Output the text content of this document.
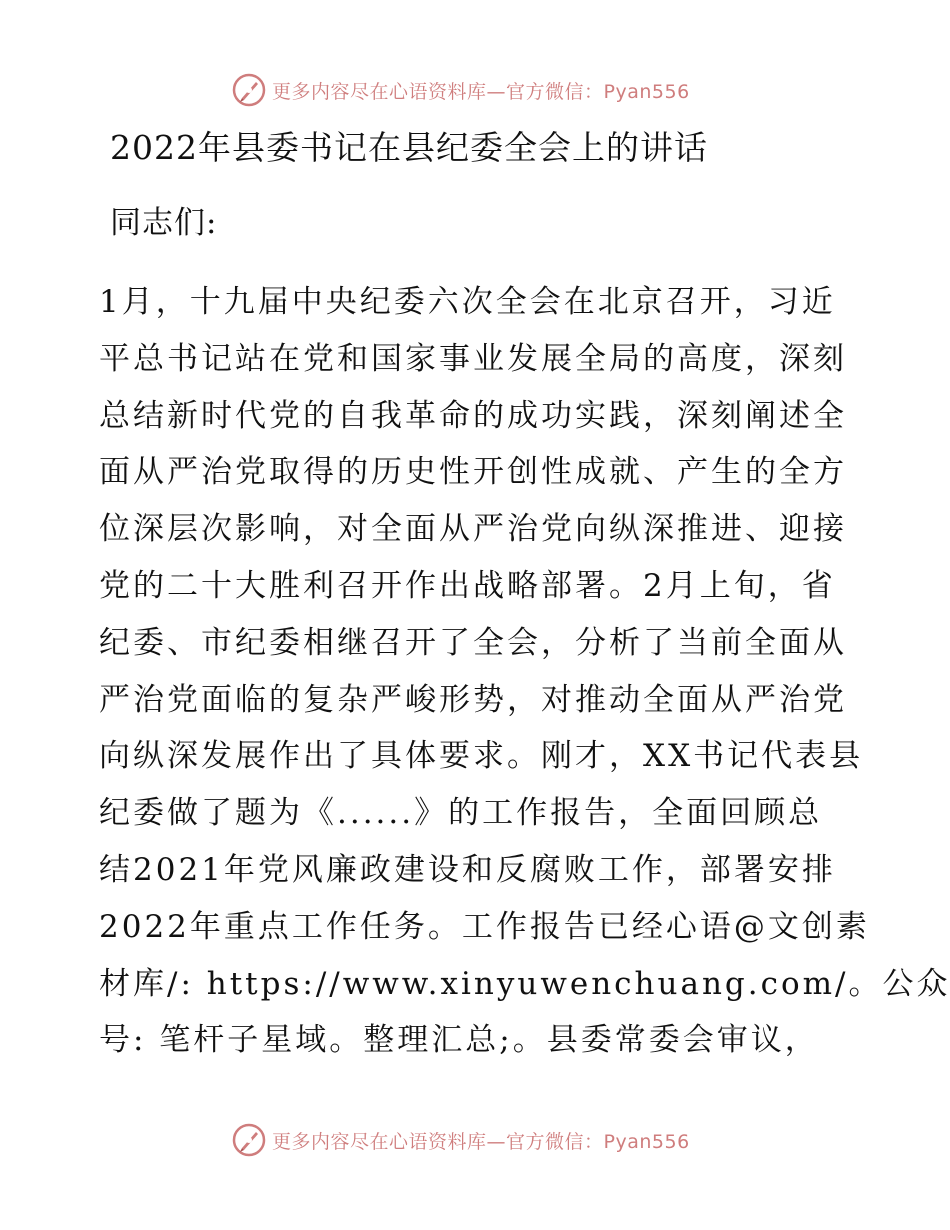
更多内容尽在心语资料库—官方微信：Pyan556
2022年县委书记在县纪委全会上的讲话
同志们:
1月，十九届中央纪委六次全会在北京召开，习近
平总书记站在党和国家事业发展全局的高度，深刻
总结新时代党的自我革命的成功实践，深刻阐述全
面从严治党取得的历史性开创性成就、产生的全方
位深层次影响，对全面从严治党向纵深推进、迎接
党的二十大胜利召开作出战略部署。2月上旬，省
纪委、市纪委相继召开了全会，分析了当前全面从
严治党面临的复杂严峻形势，对推动全面从严治党
向纵深发展作出了具体要求。刚才，XX书记代表县
纪委做了题为《......》的工作报告，全面回顾总
结2021年党风廉政建设和反腐败工作，部署安排
2022年重点工作任务。工作报告已经心语@文创素
材库/: https://www.xinyuwenchuang.com/。公众
号: 笔杆子星域。整理汇总;。县委常委会审议，
更多内容尽在心语资料库—官方微信：Pyan556
